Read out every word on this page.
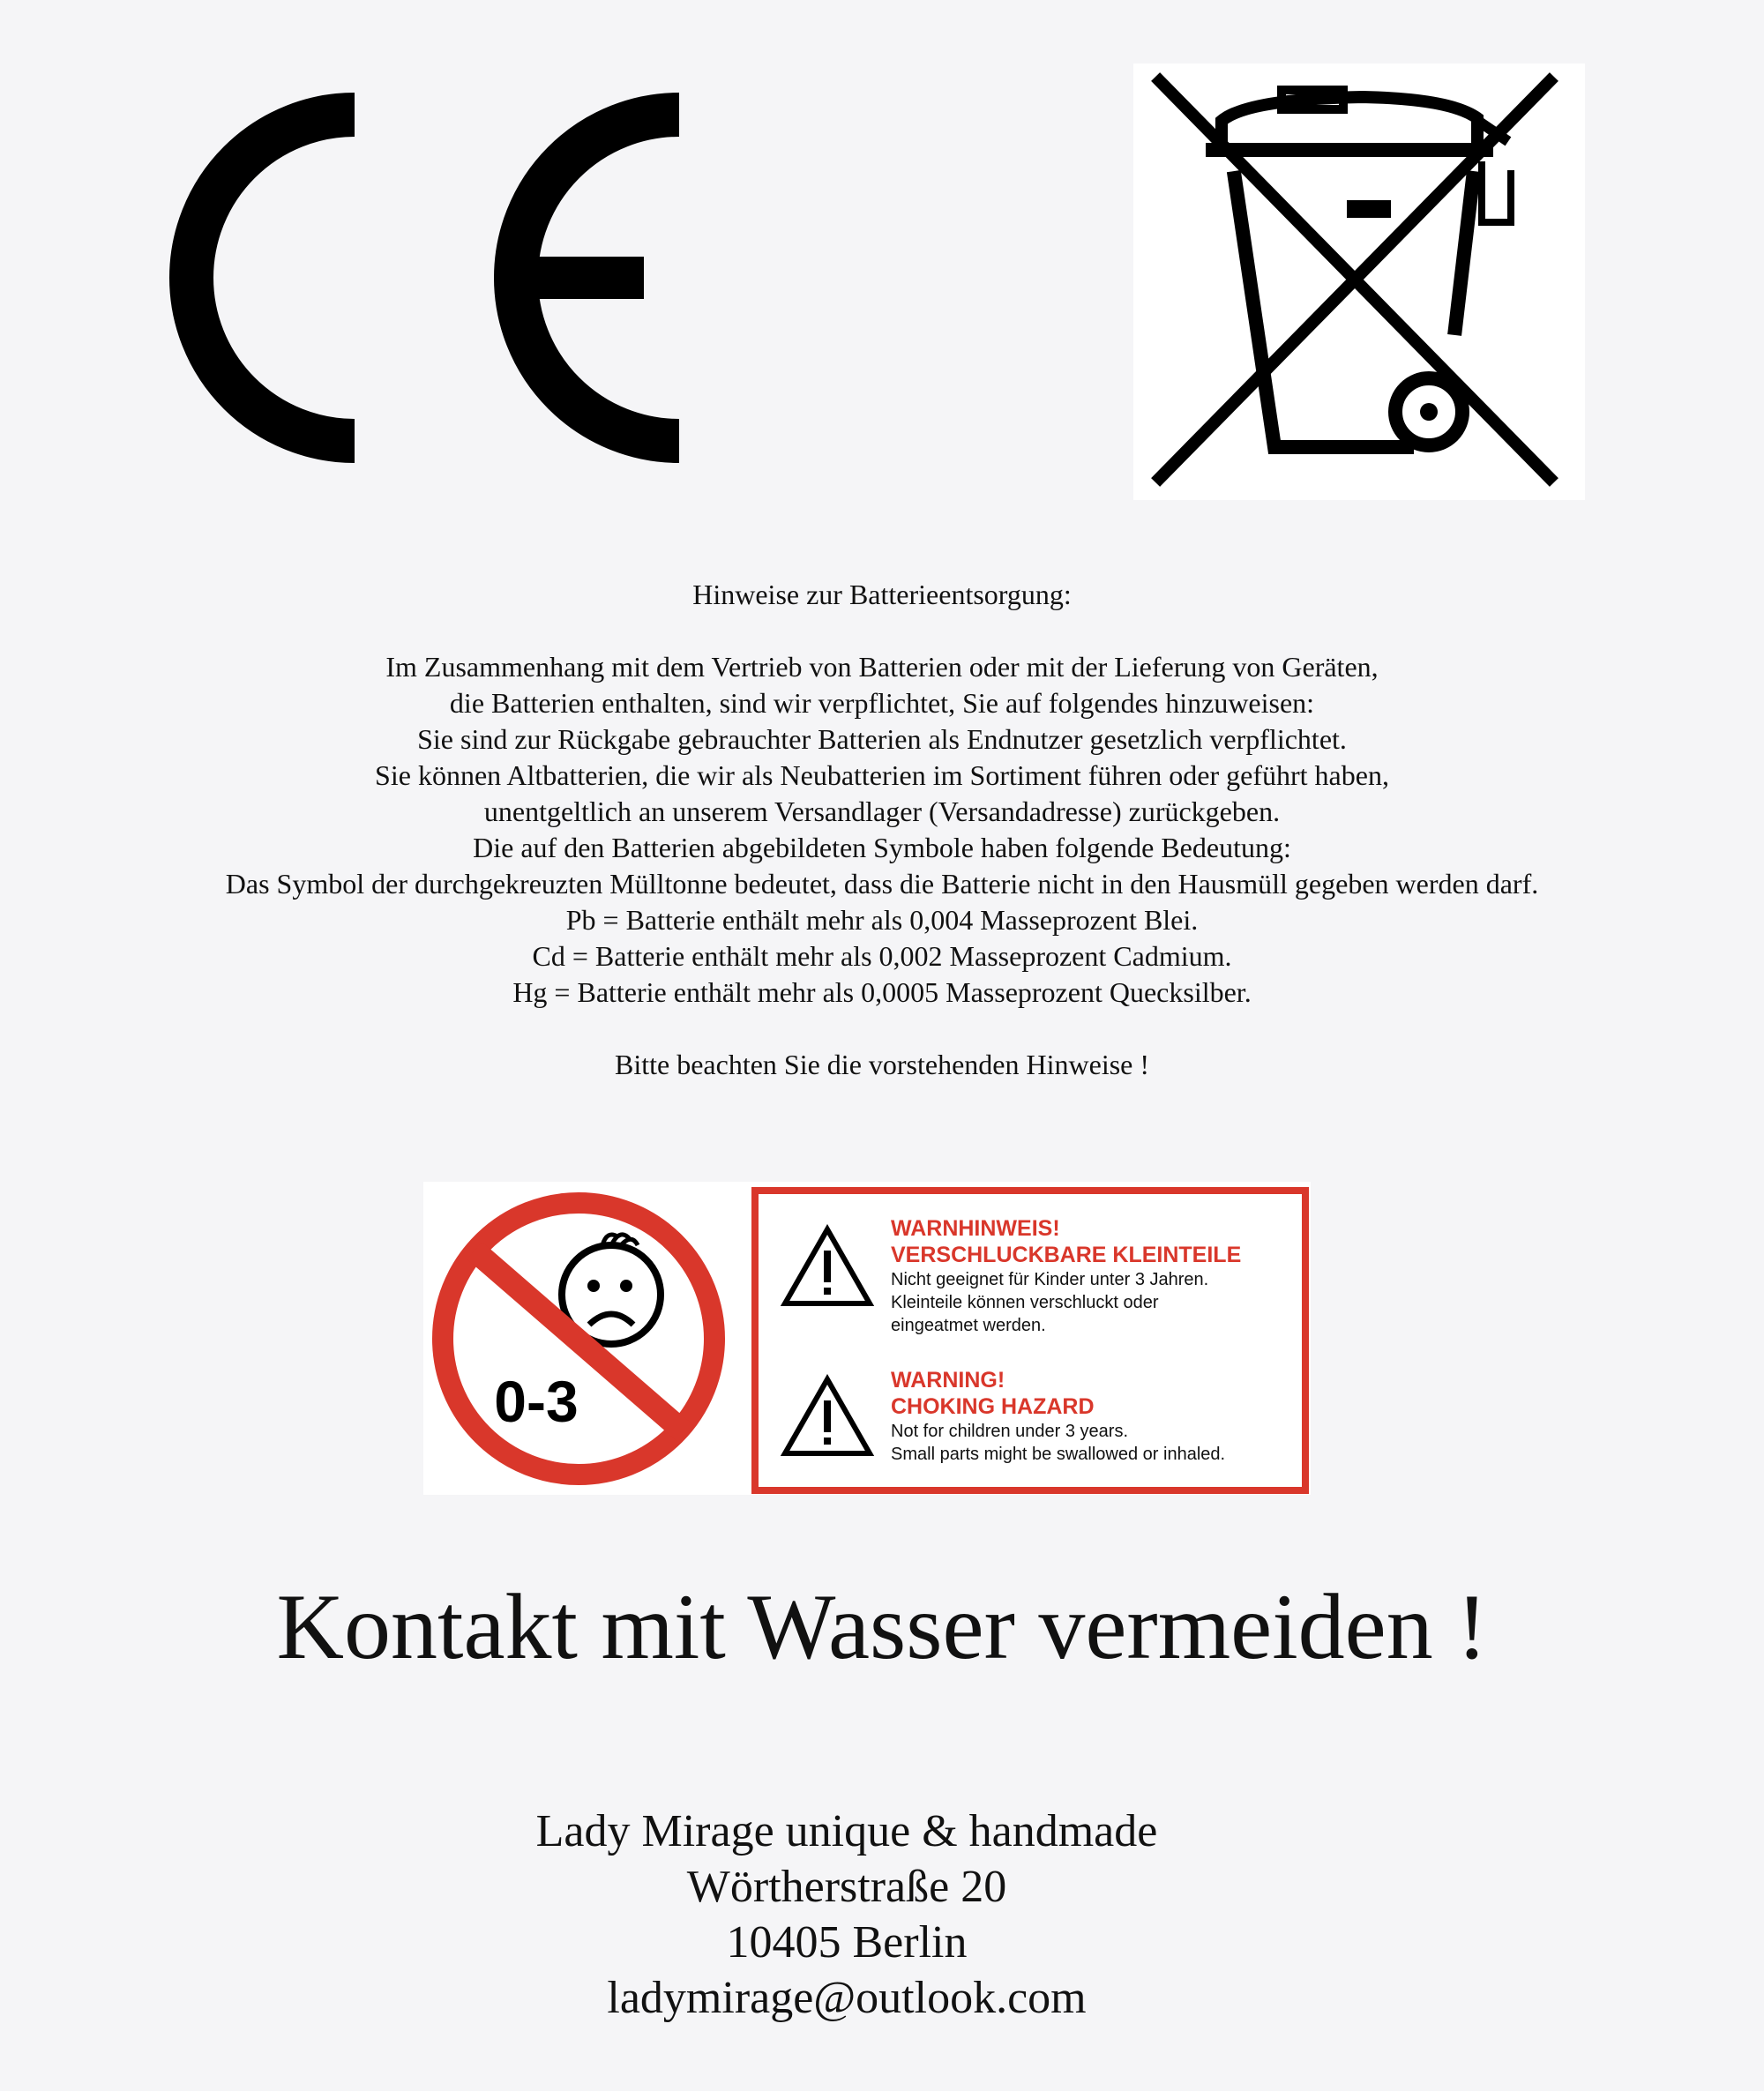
Hinweise zur Batterieentsorgung:
Im Zusammenhang mit dem Vertrieb von Batterien oder mit der Lieferung von Geräten,
die Batterien enthalten, sind wir verpflichtet, Sie auf folgendes hinzuweisen:
Sie sind zur Rückgabe gebrauchter Batterien als Endnutzer gesetzlich verpflichtet.
Sie können Altbatterien, die wir als Neubatterien im Sortiment führen oder geführt haben,
unentgeltlich an unserem Versandlager (Versandadresse) zurückgeben.
Die auf den Batterien abgebildeten Symbole haben folgende Bedeutung:
Das Symbol der durchgekreuzten Mülltonne bedeutet, dass die Batterie nicht in den Hausmüll gegeben werden darf.
Pb = Batterie enthält mehr als 0,004 Masseprozent Blei.
Cd = Batterie enthält mehr als 0,002 Masseprozent Cadmium.
Hg = Batterie enthält mehr als 0,0005 Masseprozent Quecksilber.
Bitte beachten Sie die vorstehenden Hinweise !
0-3
WARNHINWEIS!
VERSCHLUCKBARE KLEINTEILE
Nicht geeignet für Kinder unter 3 Jahren.
Kleinteile können verschluckt oder
eingeatmet werden.
WARNING!
CHOKING HAZARD
Not for children under 3 years.
Small parts might be swallowed or inhaled.
Kontakt mit Wasser vermeiden !
Lady Mirage unique & handmade
Wörtherstraße 20
10405 Berlin
ladymirage@outlook.com
